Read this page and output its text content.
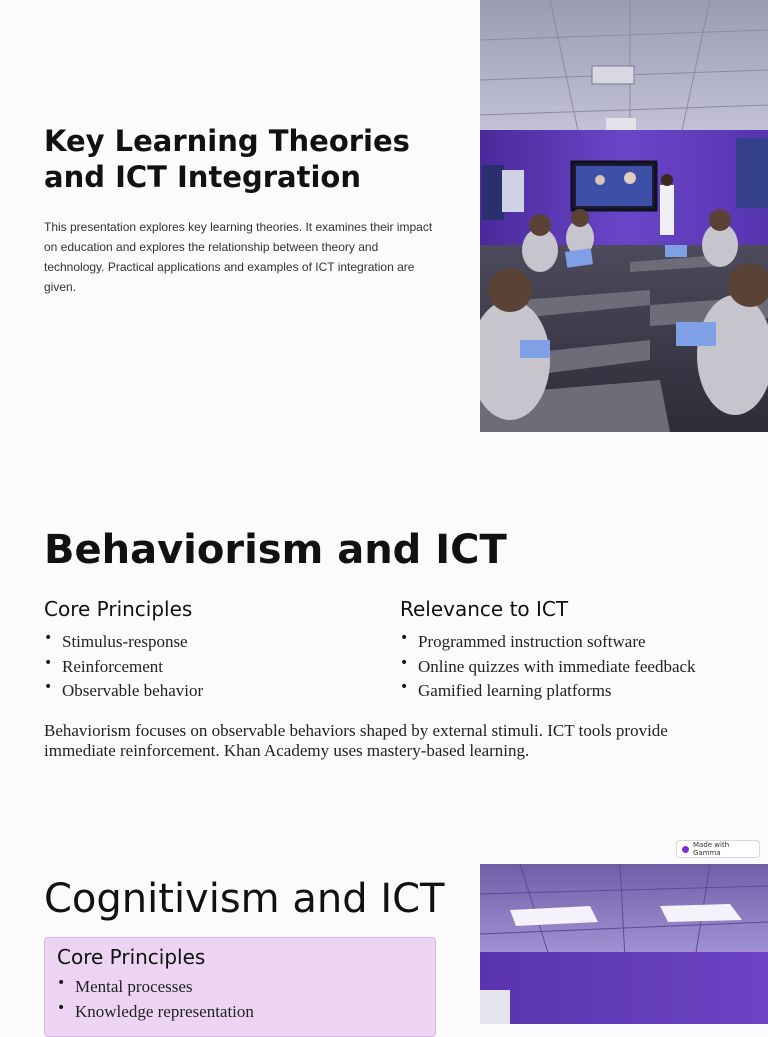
Key Learning Theories and ICT Integration

This presentation explores key learning theories. It examines their impact on education and explores the relationship between theory and technology. Practical applications and examples of ICT integration are given.

Behaviorism and ICT
Core Principles
• Stimulus-response
• Reinforcement
• Observable behavior
Relevance to ICT
• Programmed instruction software
• Online quizzes with immediate feedback
• Gamified learning platforms

Behaviorism focuses on observable behaviors shaped by external stimuli. ICT tools provide immediate reinforcement. Khan Academy uses mastery-based learning.

Made with Gamma
Cognitivism and ICT
Core Principles
• Mental processes
• Knowledge representation
